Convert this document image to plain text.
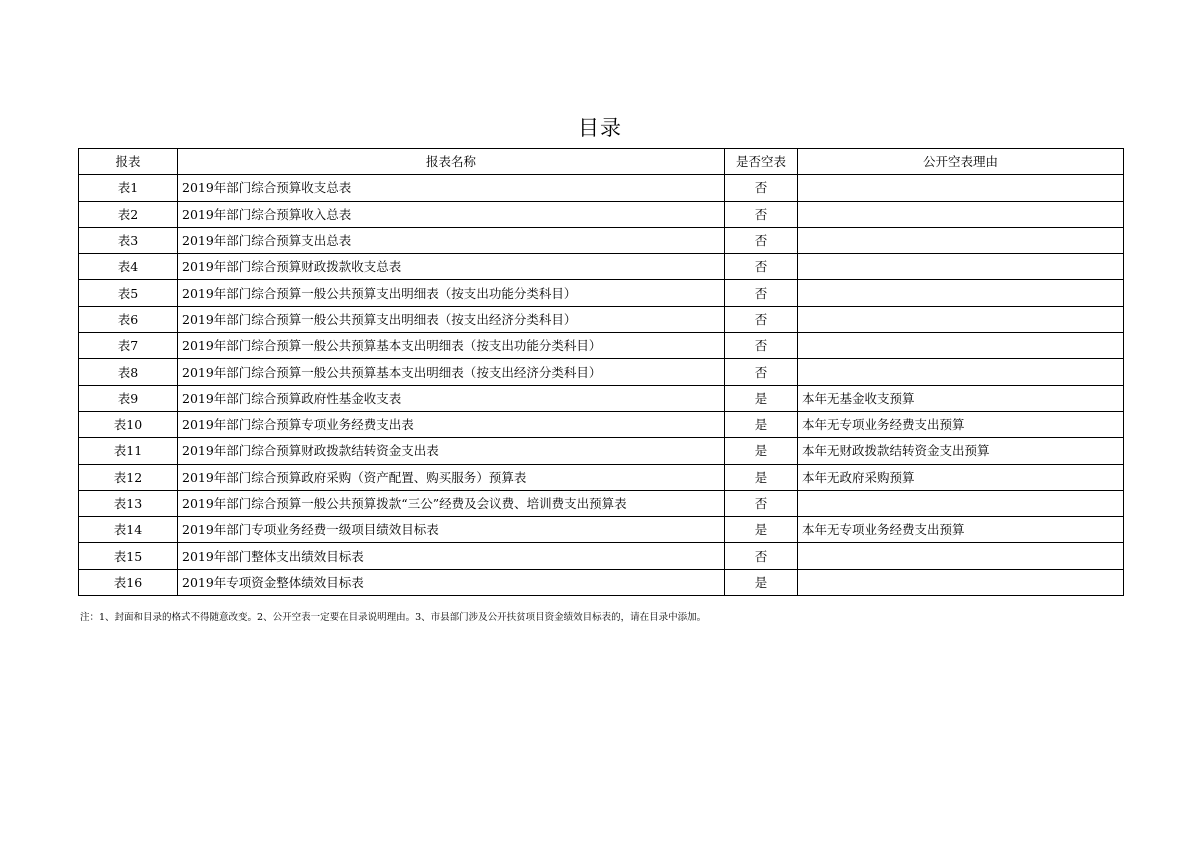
目录
报表	报表名称	是否空表	公开空表理由
表1	2019年部门综合预算收支总表	否	
表2	2019年部门综合预算收入总表	否	
表3	2019年部门综合预算支出总表	否	
表4	2019年部门综合预算财政拨款收支总表	否	
表5	2019年部门综合预算一般公共预算支出明细表（按支出功能分类科目）	否	
表6	2019年部门综合预算一般公共预算支出明细表（按支出经济分类科目）	否	
表7	2019年部门综合预算一般公共预算基本支出明细表（按支出功能分类科目）	否	
表8	2019年部门综合预算一般公共预算基本支出明细表（按支出经济分类科目）	否	
表9	2019年部门综合预算政府性基金收支表	是	本年无基金收支预算
表10	2019年部门综合预算专项业务经费支出表	是	本年无专项业务经费支出预算
表11	2019年部门综合预算财政拨款结转资金支出表	是	本年无财政拨款结转资金支出预算
表12	2019年部门综合预算政府采购（资产配置、购买服务）预算表	是	本年无政府采购预算
表13	2019年部门综合预算一般公共预算拨款“三公”经费及会议费、培训费支出预算表	否	
表14	2019年部门专项业务经费一级项目绩效目标表	是	本年无专项业务经费支出预算
表15	2019年部门整体支出绩效目标表	否	
表16	2019年专项资金整体绩效目标表	是	
注：1、封面和目录的格式不得随意改变。2、公开空表一定要在目录说明理由。3、市县部门涉及公开扶贫项目资金绩效目标表的，请在目录中添加。
